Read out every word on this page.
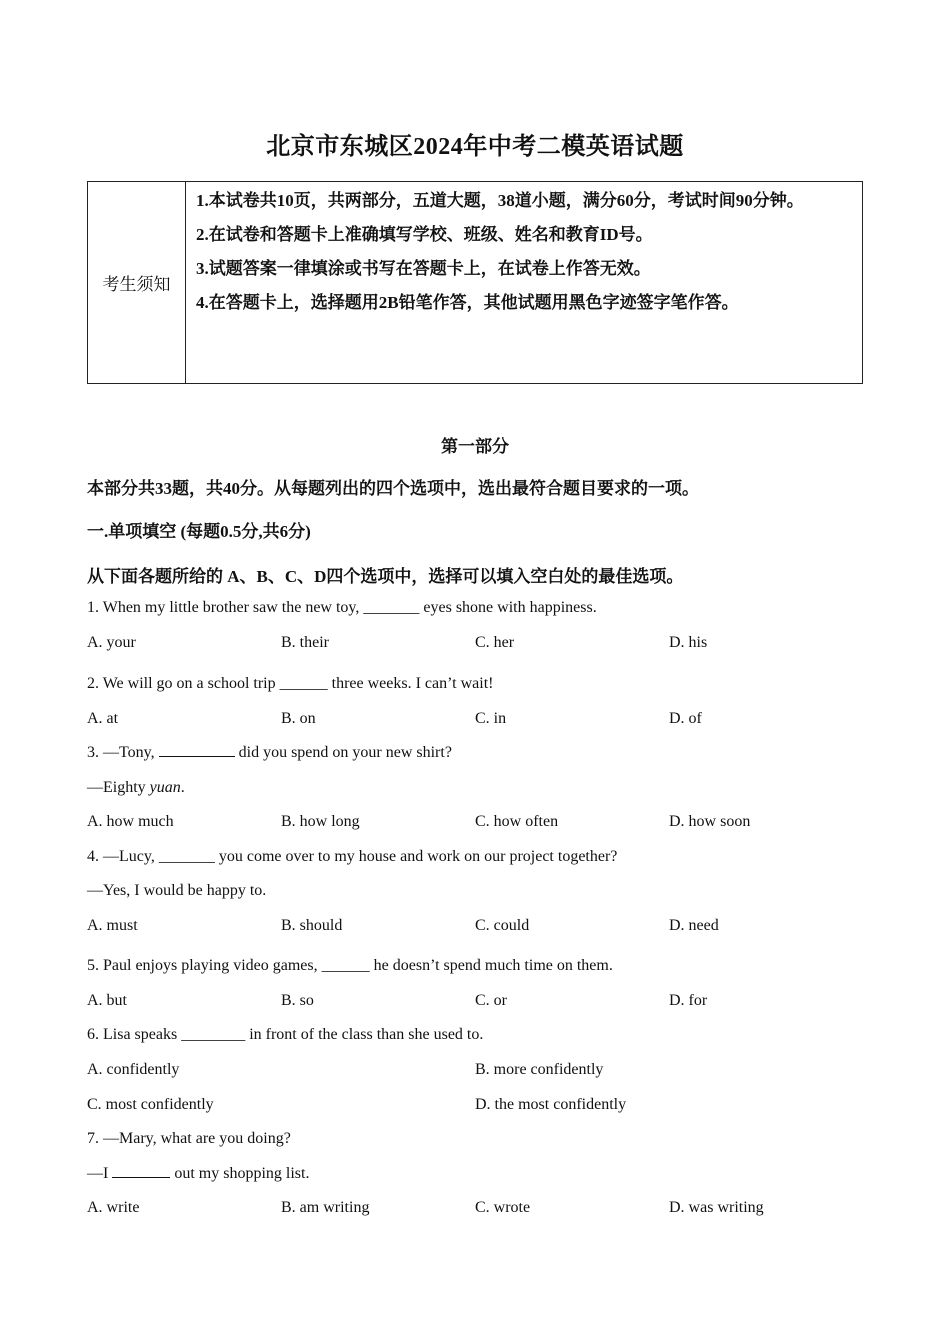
北京市东城区2024年中考二模英语试题
考生须知

1.本试卷共10页，共两部分，五道大题，38道小题，满分60分，考试时间90分钟。

2.在试卷和答题卡上准确填写学校、班级、姓名和教育ID号。

3.试题答案一律填涂或书写在答题卡上，在试卷上作答无效。

4.在答题卡上，选择题用2B铅笔作答，其他试题用黑色字迹签字笔作答。

第一部分
本部分共33题，共40分。从每题列出的四个选项中，选出最符合题目要求的一项。
一.单项填空 (每题0.5分,共6分)
从下面各题所给的 A、B、C、D四个选项中，选择可以填入空白处的最佳选项。
1. When my little brother saw the new toy, _______ eyes shone with happiness.
A. your	B. their	C. her	D. his
2. We will go on a school trip ______ three weeks. I can’t wait!
A. at	B. on	C. in	D. of
3. —Tony,	did you spend on your new shirt?
—Eighty yuan.
A. how much	B. how long	C. how often	D. how soon
4. —Lucy, _______ you come over to my house and work on our project together?
—Yes, I would be happy to.
A. must	B. should	C. could	D. need
5. Paul enjoys playing video games, ______ he doesn’t spend much time on them.
A. but	B. so	C. or	D. for
6. Lisa speaks ________ in front of the class than she used to.
A. confidently	B. more confidently
C. most confidently	D. the most confidently
7. —Mary, what are you doing?
—I	out my shopping list.
A. write	B. am writing	C. wrote	D. was writing
